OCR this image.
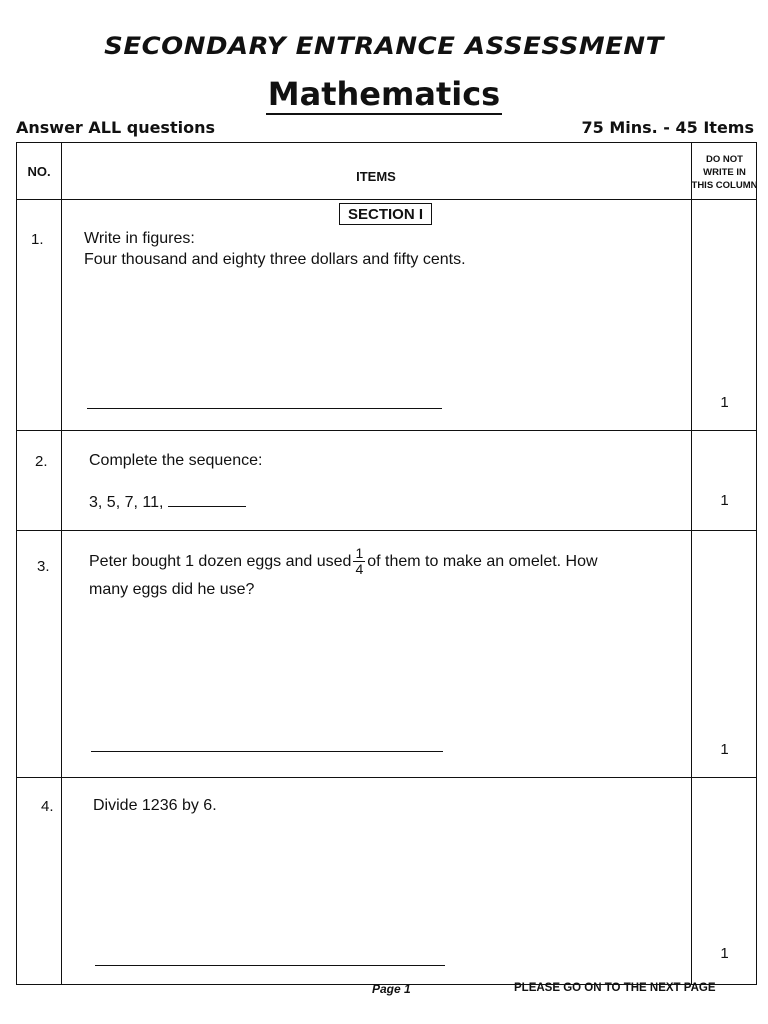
SECONDARY ENTRANCE ASSESSMENT
Mathematics
Answer ALL questions	75 Mins. - 45 Items
NO.	ITEMS
DO NOT WRITE IN THIS COLUMN
SECTION I
1.	Write in figures:
Four thousand and eighty three dollars and fifty cents.
1
2.	Complete the sequence:
3, 5, 7, 11,	1
3. Peter bought 1 dozen eggs and used $\frac{1}{4}$ of them to make an omelet. How
many eggs did he use?
1
4. Divide 1236 by 6.
1
Page 1	PLEASE GO ON TO THE NEXT PAGE
